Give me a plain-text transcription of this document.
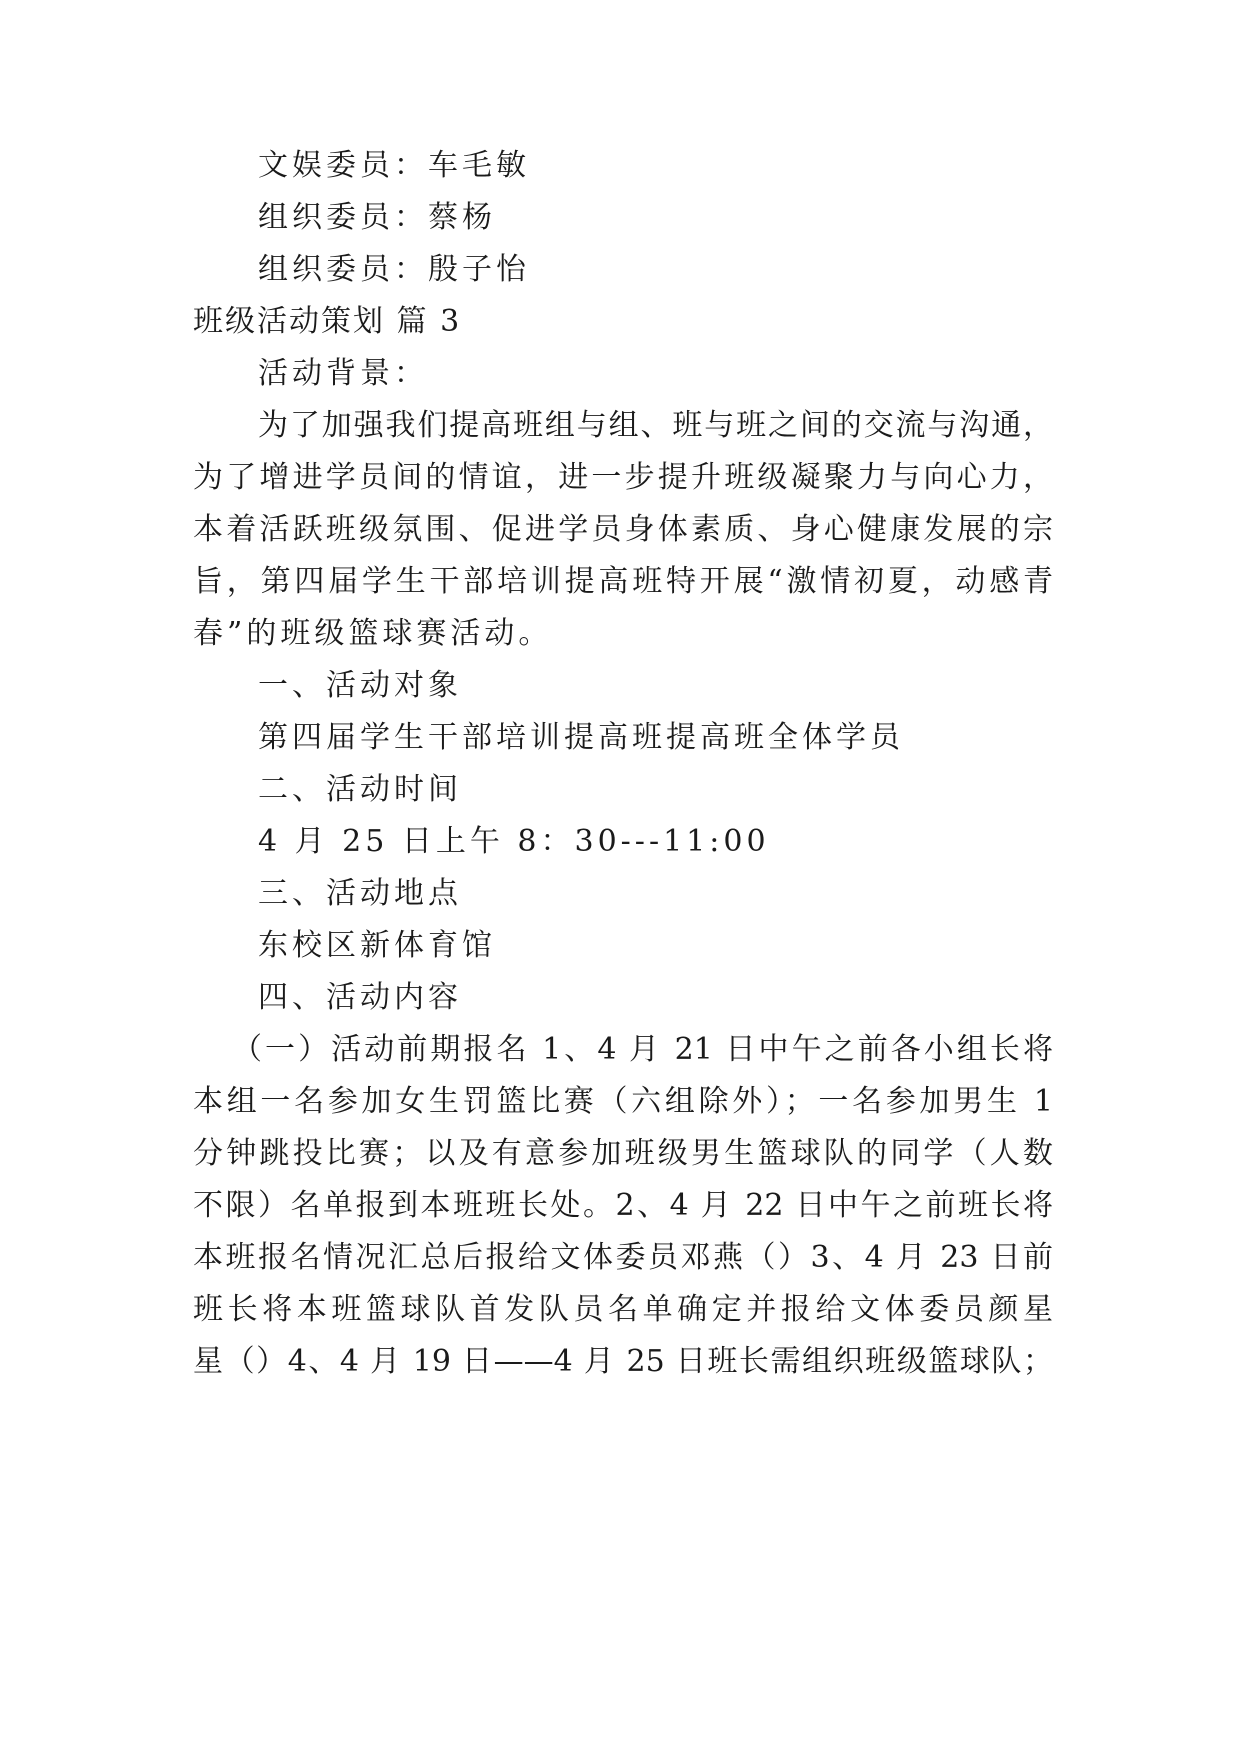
文娱委员：车毛敏
组织委员：蔡杨
组织委员：殷子怡
班级活动策划 篇 3
活动背景：
为了加强我们提高班组与组、班与班之间的交流与沟通，
为了增进学员间的情谊，进一步提升班级凝聚力与向心力，
本着活跃班级氛围、促进学员身体素质、身心健康发展的宗
旨，第四届学生干部培训提高班特开展“激情初夏，动感青
春”的班级篮球赛活动。
一、活动对象
第四届学生干部培训提高班提高班全体学员
二、活动时间
4 月 25 日上午 8：30---11:00
三、活动地点
东校区新体育馆
四、活动内容
（一）活动前期报名 1、4 月 21 日中午之前各小组长将
本组一名参加女生罚篮比赛（六组除外）；一名参加男生 1
分钟跳投比赛；以及有意参加班级男生篮球队的同学（人数
不限）名单报到本班班长处。2、4 月 22 日中午之前班长将
本班报名情况汇总后报给文体委员邓燕（）3、4 月 23 日前
班长将本班篮球队首发队员名单确定并报给文体委员颜星
星（）4、4 月 19 日——4 月 25 日班长需组织班级篮球队；
